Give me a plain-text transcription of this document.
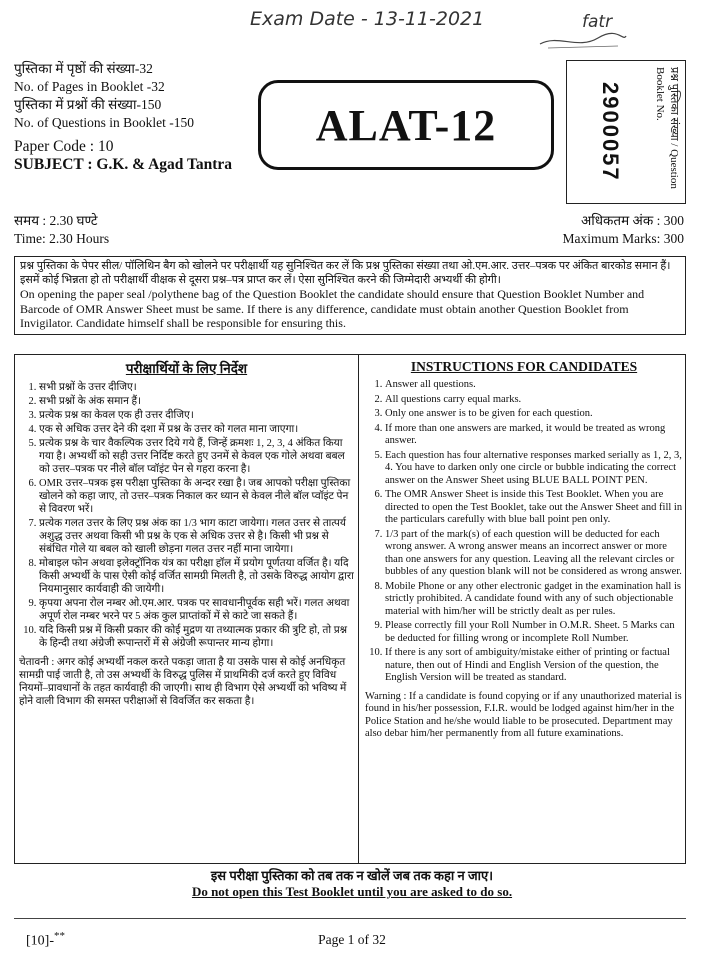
Exam Date - 13-11-2021	fatr
पुस्तिका में पृष्ठों की संख्या-32
No. of Pages in Booklet -32
पुस्तिका में प्रश्नों की संख्या-150
No. of Questions in Booklet -150
Paper Code : 10
SUBJECT : G.K. & Agad Tantra
ALAT-12	2900057	प्रश्न पुस्तिका संख्या / Question Booklet No.
समय : 2.30 घण्टे
Time: 2.30 Hours
अधिकतम अंक : 300
Maximum Marks: 300
प्रश्न पुस्तिका के पेपर सील/ पॉलिथिन बैग को खोलने पर परीक्षार्थी यह सुनिश्चित कर लें कि प्रश्न पुस्तिका संख्या तथा ओ.एम.आर. उत्तर–पत्रक पर अंकित बारकोड समान हैं। इसमें कोई भिन्नता हो तो परीक्षार्थी वीक्षक से दूसरा प्रश्न–पत्र प्राप्त कर लें। ऐसा सुनिश्चित करने की जिम्मेदारी अभ्यर्थी की होगी।
On opening the paper seal /polythene bag of the Question Booklet the candidate should ensure that Question Booklet Number and Barcode of OMR Answer Sheet must be same. If there is any difference, candidate must obtain another Question Booklet from Invigilator. Candidate himself shall be responsible for ensuring this.
परीक्षार्थियों के लिए निर्देश
1. सभी प्रश्नों के उत्तर दीजिए।
2. सभी प्रश्नों के अंक समान हैं।
3. प्रत्येक प्रश्न का केवल एक ही उत्तर दीजिए।
4. एक से अधिक उत्तर देने की दशा में प्रश्न के उत्तर को गलत माना जाएगा।
5. प्रत्येक प्रश्न के चार वैकल्पिक उत्तर दिये गये हैं, जिन्हें क्रमशः 1, 2, 3, 4 अंकित किया गया है। अभ्यर्थी को सही उत्तर निर्दिष्ट करते हुए उनमें से केवल एक गोले अथवा बबल को उत्तर–पत्रक पर नीले बॉल प्वॉइंट पेन से गहरा करना है।
6. OMR उत्तर–पत्रक इस परीक्षा पुस्तिका के अन्दर रखा है। जब आपको परीक्षा पुस्तिका खोलने को कहा जाए, तो उत्तर–पत्रक निकाल कर ध्यान से केवल नीले बॉल प्वॉइंट पेन से विवरण भरें।
7. प्रत्येक गलत उत्तर के लिए प्रश्न अंक का 1/3 भाग काटा जायेगा। गलत उत्तर से तात्पर्य अशुद्ध उत्तर अथवा किसी भी प्रश्न के एक से अधिक उत्तर से है। किसी भी प्रश्न से संबंधित गोले या बबल को खाली छोड़ना गलत उत्तर नहीं माना जायेगा।
8. मोबाइल फोन अथवा इलेक्ट्रॉनिक यंत्र का परीक्षा हॉल में प्रयोग पूर्णतया वर्जित है। यदि किसी अभ्यर्थी के पास ऐसी कोई वर्जित सामग्री मिलती है, तो उसके विरुद्ध आयोग द्वारा नियमानुसार कार्यवाही की जायेगी।
9. कृपया अपना रोल नम्बर ओ.एम.आर. पत्रक पर सावधानीपूर्वक सही भरें। गलत अथवा अपूर्ण रोल नम्बर भरने पर 5 अंक कुल प्राप्तांकों में से काटे जा सकते हैं।
10. यदि किसी प्रश्न में किसी प्रकार की कोई मुद्रण या तथ्यात्मक प्रकार की त्रुटि हो, तो प्रश्न के हिन्दी तथा अंग्रेजी रूपान्तरों में से अंग्रेजी रूपान्तर मान्य होगा।
चेतावनी : अगर कोई अभ्यर्थी नकल करते पकड़ा जाता है या उसके पास से कोई अनधिकृत सामग्री पाई जाती है, तो उस अभ्यर्थी के विरुद्ध पुलिस में प्राथमिकी दर्ज करते हुए विविध नियमों–प्रावधानों के तहत कार्यवाही की जाएगी। साथ ही विभाग ऐसे अभ्यर्थी को भविष्य में होने वाली विभाग की समस्त परीक्षाओं से विवर्जित कर सकता है।
INSTRUCTIONS FOR CANDIDATES
1. Answer all questions.
2. All questions carry equal marks.
3. Only one answer is to be given for each question.
4. If more than one answers are marked, it would be treated as wrong answer.
5. Each question has four alternative responses marked serially as 1, 2, 3, 4. You have to darken only one circle or bubble indicating the correct answer on the Answer Sheet using BLUE BALL POINT PEN.
6. The OMR Answer Sheet is inside this Test Booklet. When you are directed to open the Test Booklet, take out the Answer Sheet and fill in the particulars carefully with blue ball point pen only.
7. 1/3 part of the mark(s) of each question will be deducted for each wrong answer. A wrong answer means an incorrect answer or more than one answers for any question. Leaving all the relevant circles or bubbles of any question blank will not be considered as wrong answer.
8. Mobile Phone or any other electronic gadget in the examination hall is strictly prohibited. A candidate found with any of such objectionable material with him/her will be strictly dealt as per rules.
9. Please correctly fill your Roll Number in O.M.R. Sheet. 5 Marks can be deducted for filling wrong or incomplete Roll Number.
10. If there is any sort of ambiguity/mistake either of printing or factual nature, then out of Hindi and English Version of the question, the English Version will be treated as standard.
Warning : If a candidate is found copying or if any unauthorized material is found in his/her possession, F.I.R. would be lodged against him/her in the Police Station and he/she would liable to be prosecuted. Department may also debar him/her permanently from all future examinations.
इस परीक्षा पुस्तिका को तब तक न खोलें जब तक कहा न जाए।
Do not open this Test Booklet until you are asked to do so.
[10]-**	Page 1 of 32
